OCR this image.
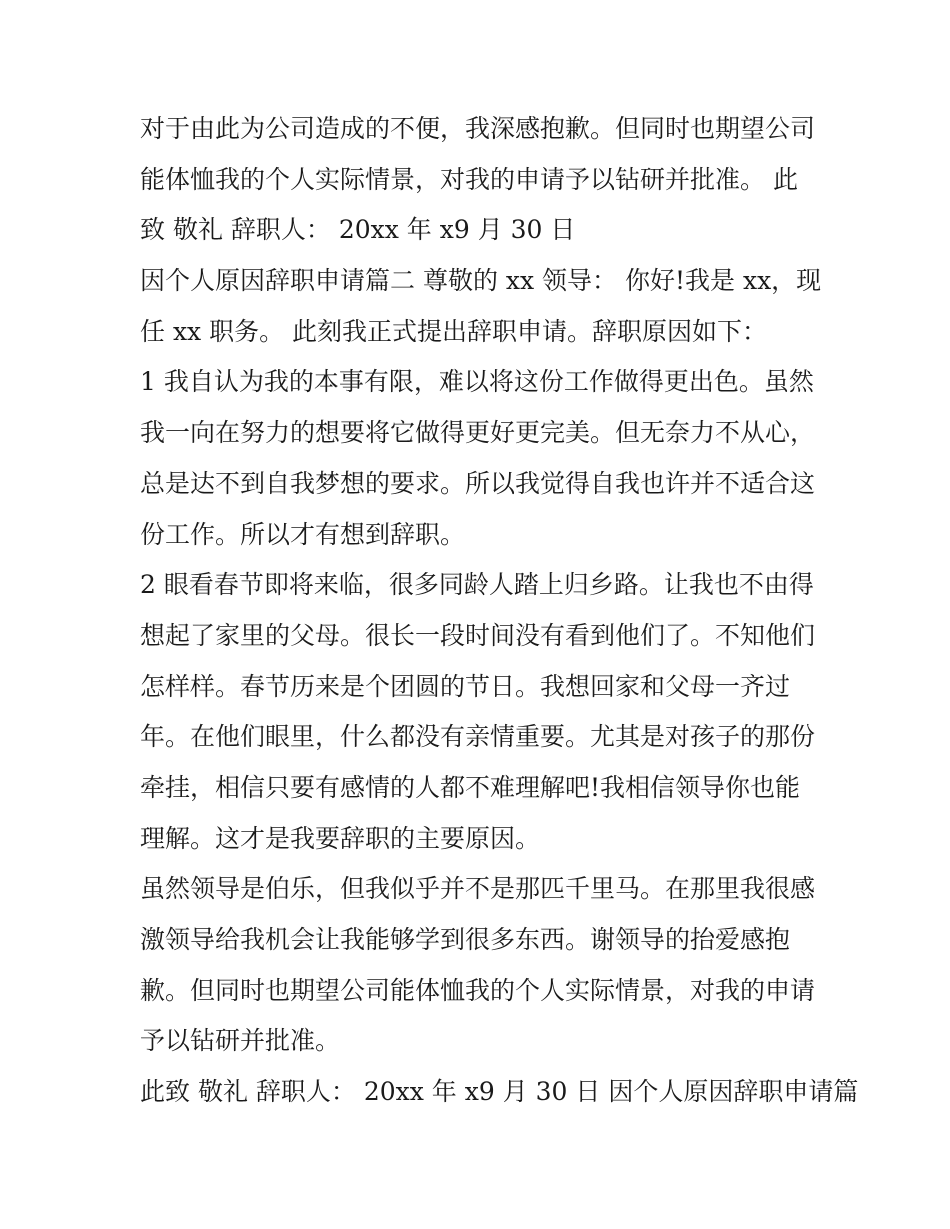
对于由此为公司造成的不便，我深感抱歉。但同时也期望公司
能体恤我的个人实际情景，对我的申请予以钻研并批准。 此
致 敬礼 辞职人： 20xx 年 x9 月 30 日
因个人原因辞职申请篇二 尊敬的 xx 领导： 你好!我是 xx，现
任 xx 职务。 此刻我正式提出辞职申请。辞职原因如下：
1 我自认为我的本事有限，难以将这份工作做得更出色。虽然
我一向在努力的想要将它做得更好更完美。但无奈力不从心，
总是达不到自我梦想的要求。所以我觉得自我也许并不适合这
份工作。所以才有想到辞职。
2 眼看春节即将来临，很多同龄人踏上归乡路。让我也不由得
想起了家里的父母。很长一段时间没有看到他们了。不知他们
怎样样。春节历来是个团圆的节日。我想回家和父母一齐过
年。在他们眼里，什么都没有亲情重要。尤其是对孩子的那份
牵挂，相信只要有感情的人都不难理解吧!我相信领导你也能
理解。这才是我要辞职的主要原因。
虽然领导是伯乐，但我似乎并不是那匹千里马。在那里我很感
激领导给我机会让我能够学到很多东西。谢领导的抬爱感抱
歉。但同时也期望公司能体恤我的个人实际情景，对我的申请
予以钻研并批准。
此致 敬礼 辞职人： 20xx 年 x9 月 30 日 因个人原因辞职申请篇
